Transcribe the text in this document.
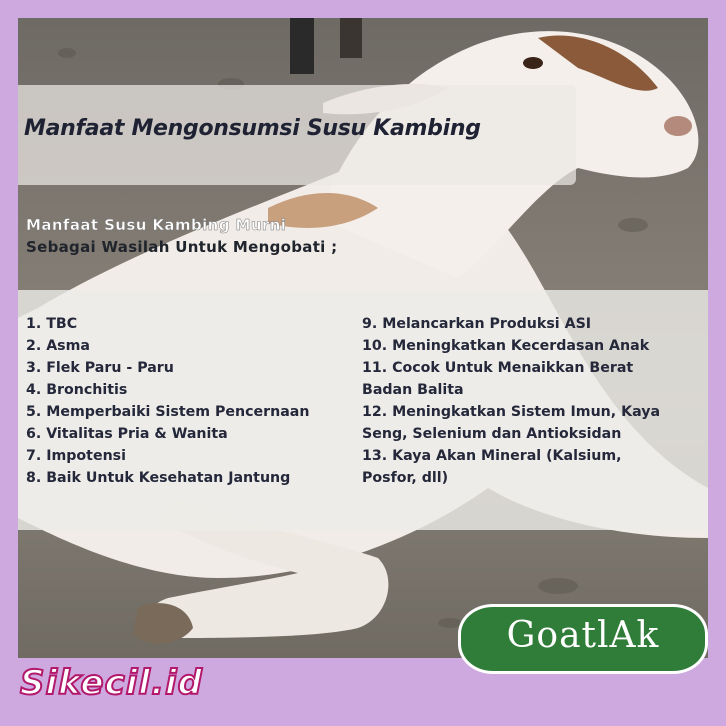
Manfaat Mengonsumsi Susu Kambing
Manfaat Susu Kambing Murni
Sebagai Wasilah Untuk Mengobati ;
1. TBC
2. Asma
3. Flek Paru - Paru
4. Bronchitis
5. Memperbaiki Sistem Pencernaan
6. Vitalitas Pria & Wanita
7. Impotensi
8. Baik Untuk Kesehatan Jantung
9. Melancarkan Produksi ASI
10. Meningkatkan Kecerdasan Anak
11. Cocok Untuk Menaikkan Berat
Badan Balita
12. Meningkatkan Sistem Imun, Kaya
Seng, Selenium dan Antioksidan
13. Kaya Akan Mineral (Kalsium,
Posfor, dll)
GoatlAk
Sikecil.id
